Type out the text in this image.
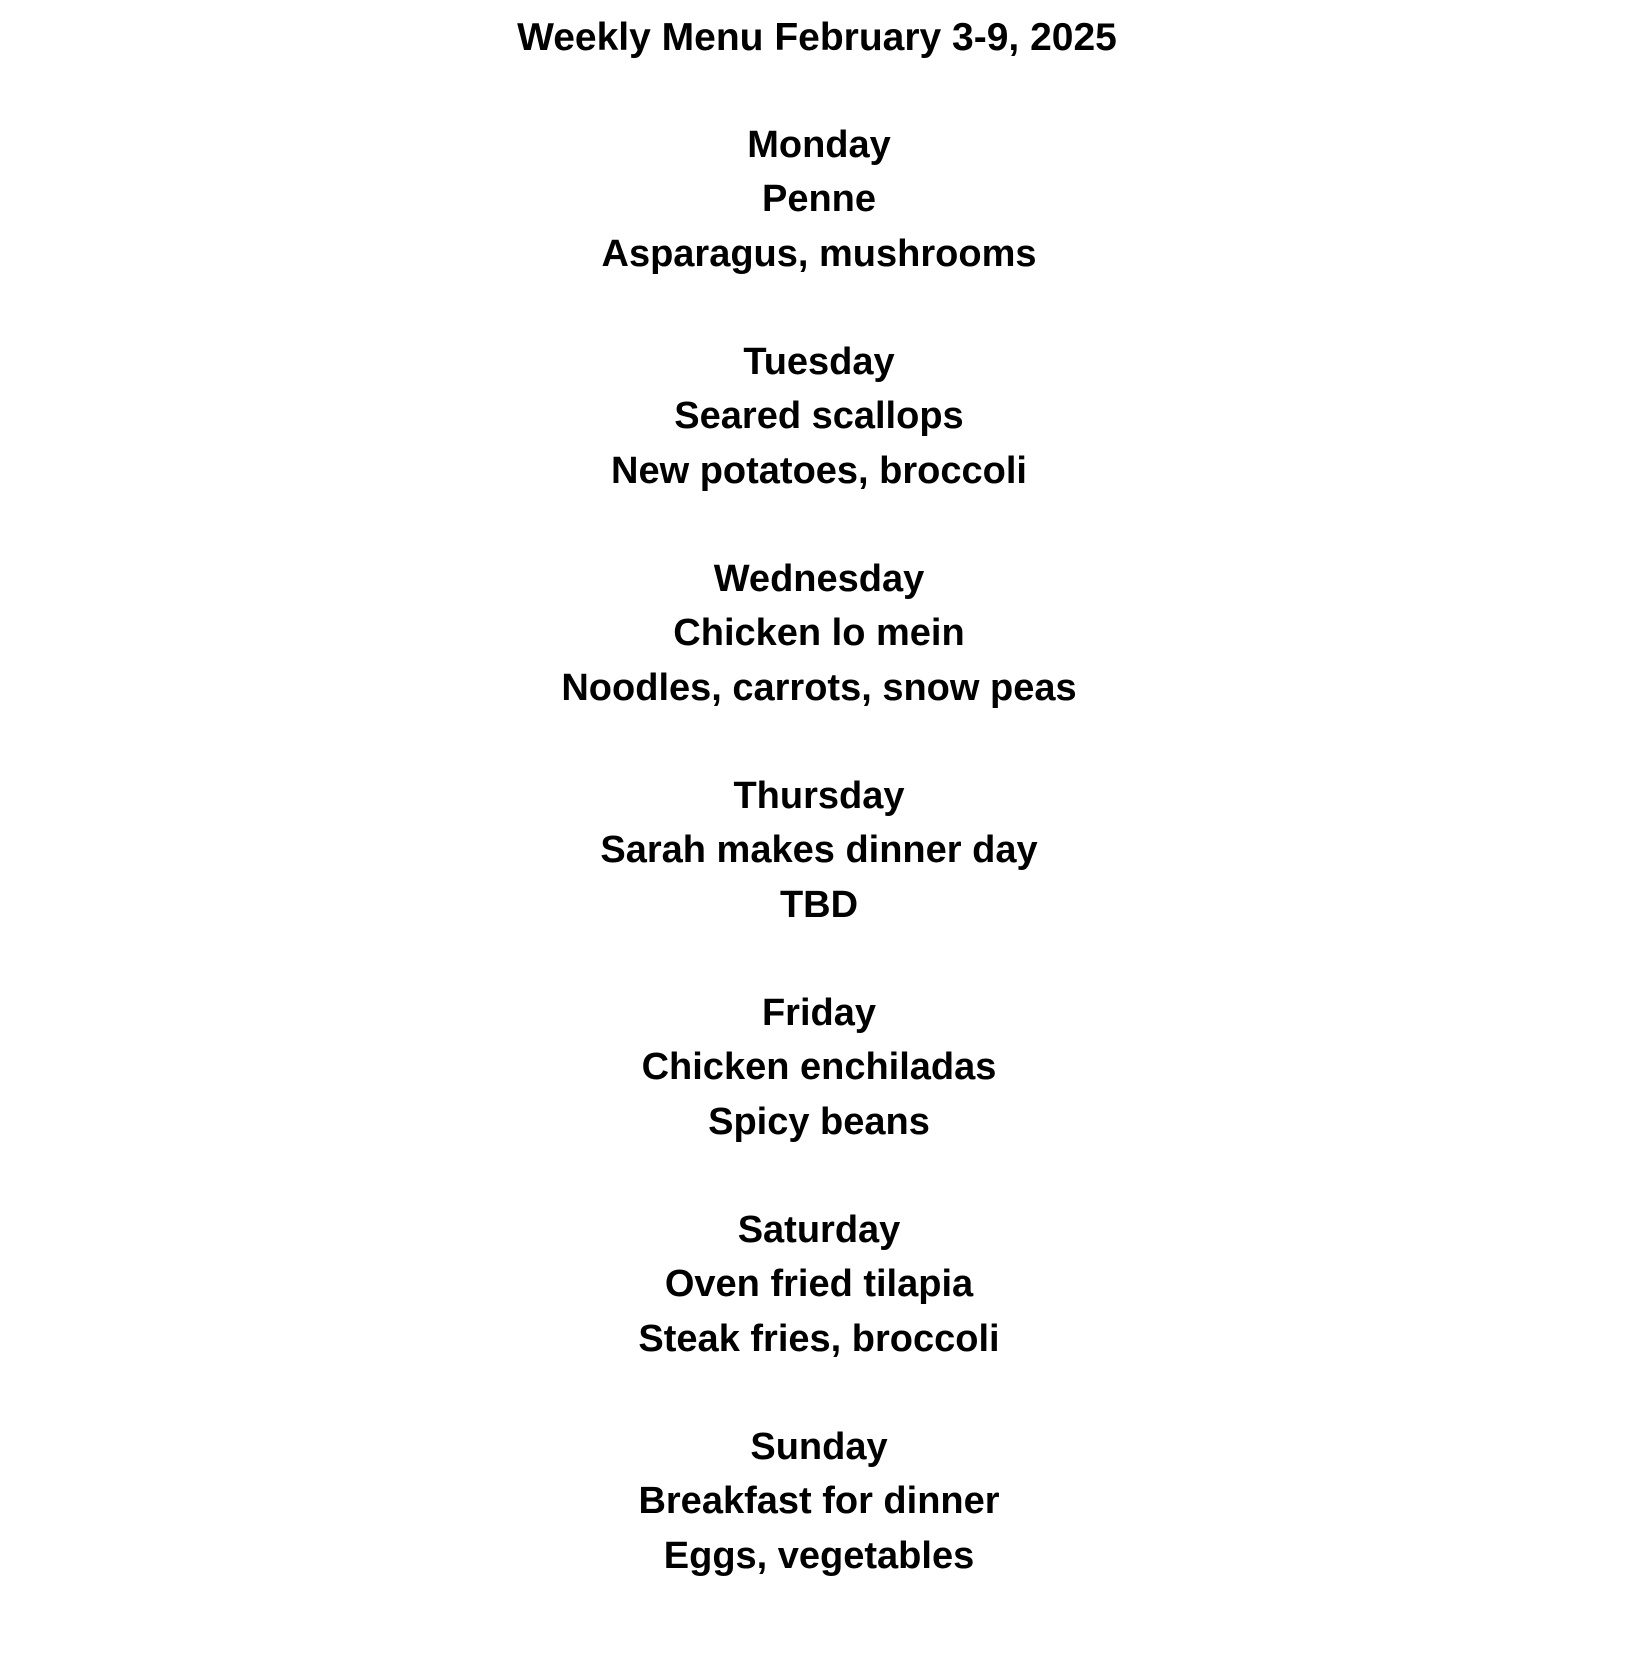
Weekly Menu February 3-9, 2025
Monday
Penne
Asparagus, mushrooms
Tuesday
Seared scallops
New potatoes, broccoli
Wednesday
Chicken lo mein
Noodles, carrots, snow peas
Thursday
Sarah makes dinner day
TBD
Friday
Chicken enchiladas
Spicy beans
Saturday
Oven fried tilapia
Steak fries, broccoli
Sunday
Breakfast for dinner
Eggs, vegetables
